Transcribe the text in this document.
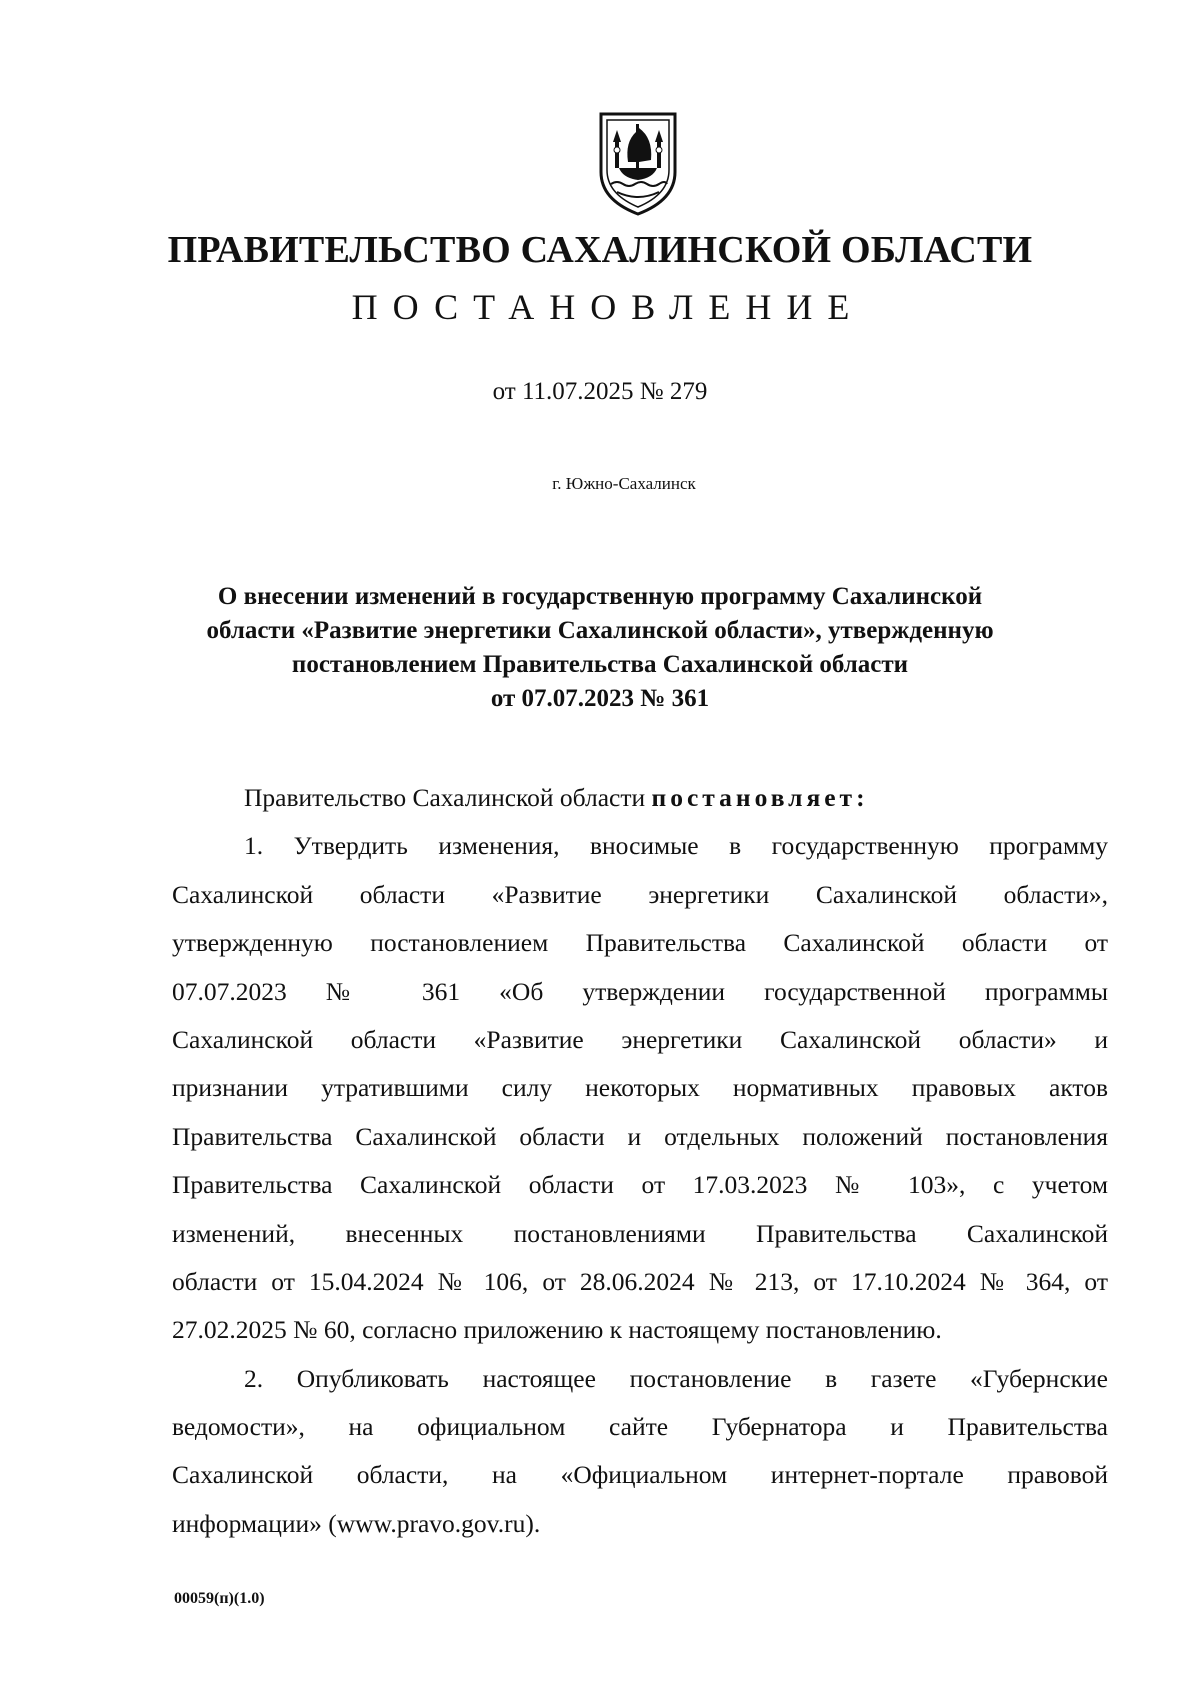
ПРАВИТЕЛЬСТВО САХАЛИНСКОЙ ОБЛАСТИ
ПОСТАНОВЛЕНИЕ

от 11.07.2025 № 279

г. Южно-Сахалинск

О внесении изменений в государственную программу Сахалинской
области «Развитие энергетики Сахалинской области», утвержденную
постановлением Правительства Сахалинской области
от 07.07.2023 № 361
Правительство Сахалинской области постановляет:
1. Утвердить изменения, вносимые в государственную программу
Сахалинской области «Развитие энергетики Сахалинской области»,
утвержденную постановлением Правительства Сахалинской области от
07.07.2023 № 361 «Об утверждении государственной программы
Сахалинской области «Развитие энергетики Сахалинской области» и
признании утратившими силу некоторых нормативных правовых актов
Правительства Сахалинской области и отдельных положений постановления
Правительства Сахалинской области от 17.03.2023 № 103», с учетом
изменений, внесенных постановлениями Правительства Сахалинской
области от 15.04.2024 № 106, от 28.06.2024 № 213, от 17.10.2024 № 364, от
27.02.2025 № 60, согласно приложению к настоящему постановлению.
2. Опубликовать настоящее постановление в газете «Губернские
ведомости», на официальном сайте Губернатора и Правительства
Сахалинской области, на «Официальном интернет-портале правовой
информации» (www.pravo.gov.ru).

00059(п)(1.0)
